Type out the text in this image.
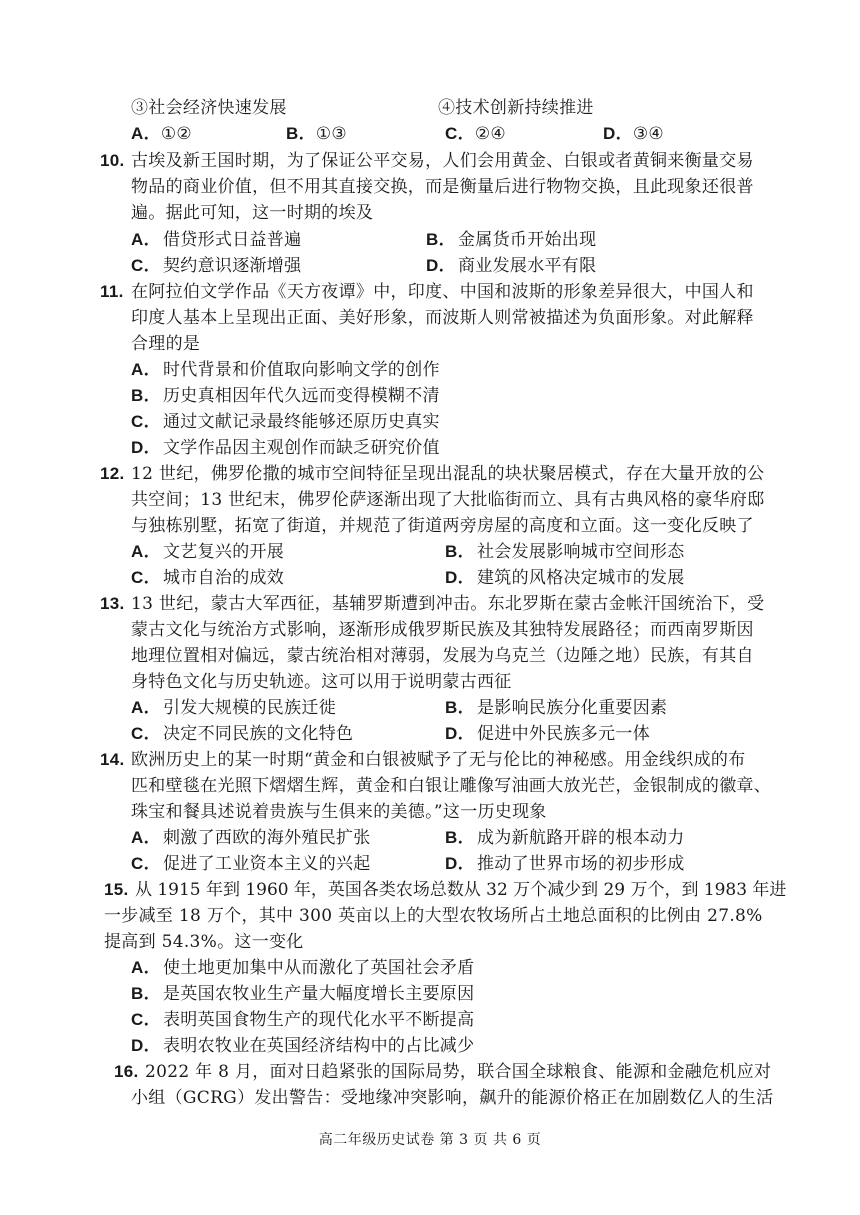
③社会经济快速发展	④技术创新持续推进
A．①②	B．①③	C．②④	D．③④
10. 古埃及新王国时期，为了保证公平交易，人们会用黄金、白银或者黄铜来衡量交易
物品的商业价值，但不用其直接交换，而是衡量后进行物物交换，且此现象还很普
遍。据此可知，这一时期的埃及
A． 借贷形式日益普遍	B． 金属货币开始出现
C． 契约意识逐渐增强	D． 商业发展水平有限
11. 在阿拉伯文学作品《天方夜谭》中，印度、中国和波斯的形象差异很大，中国人和
印度人基本上呈现出正面、美好形象，而波斯人则常被描述为负面形象。对此解释
合理的是
A． 时代背景和价值取向影响文学的创作
B． 历史真相因年代久远而变得模糊不清
C． 通过文献记录最终能够还原历史真实
D． 文学作品因主观创作而缺乏研究价值
12. 12 世纪，佛罗伦撒的城市空间特征呈现出混乱的块状聚居模式，存在大量开放的公
共空间；13 世纪末，佛罗伦萨逐渐出现了大批临街而立、具有古典风格的豪华府邸
与独栋别墅，拓宽了街道，并规范了街道两旁房屋的高度和立面。这一变化反映了
A． 文艺复兴的开展	B． 社会发展影响城市空间形态
C． 城市自治的成效	D． 建筑的风格决定城市的发展
13. 13 世纪，蒙古大军西征，基辅罗斯遭到冲击。东北罗斯在蒙古金帐汗国统治下，受
蒙古文化与统治方式影响，逐渐形成俄罗斯民族及其独特发展路径；而西南罗斯因
地理位置相对偏远，蒙古统治相对薄弱，发展为乌克兰（边陲之地）民族，有其自
身特色文化与历史轨迹。这可以用于说明蒙古西征
A． 引发大规模的民族迁徙	B． 是影响民族分化重要因素
C． 决定不同民族的文化特色	D． 促进中外民族多元一体
14. 欧洲历史上的某一时期“黄金和白银被赋予了无与伦比的神秘感。用金线织成的布
匹和壁毯在光照下熠熠生辉，黄金和白银让雕像写油画大放光芒，金银制成的徽章、
珠宝和餐具述说着贵族与生俱来的美德。”这一历史现象
A． 刺激了西欧的海外殖民扩张	B． 成为新航路开辟的根本动力
C． 促进了工业资本主义的兴起	D． 推动了世界市场的初步形成
15. 从 1915 年到 1960 年，英国各类农场总数从 32 万个减少到 29 万个，到 1983 年进
一步减至 18 万个，其中 300 英亩以上的大型农牧场所占土地总面积的比例由 27.8%
提高到 54.3%。这一变化
A． 使土地更加集中从而激化了英国社会矛盾
B． 是英国农牧业生产量大幅度增长主要原因
C． 表明英国食物生产的现代化水平不断提高
D． 表明农牧业在英国经济结构中的占比减少
16. 2022 年 8 月，面对日趋紧张的国际局势，联合国全球粮食、能源和金融危机应对
小组（GCRG）发出警告：受地缘冲突影响，飙升的能源价格正在加剧数亿人的生活
高二年级历史试卷 第 3 页 共 6 页
